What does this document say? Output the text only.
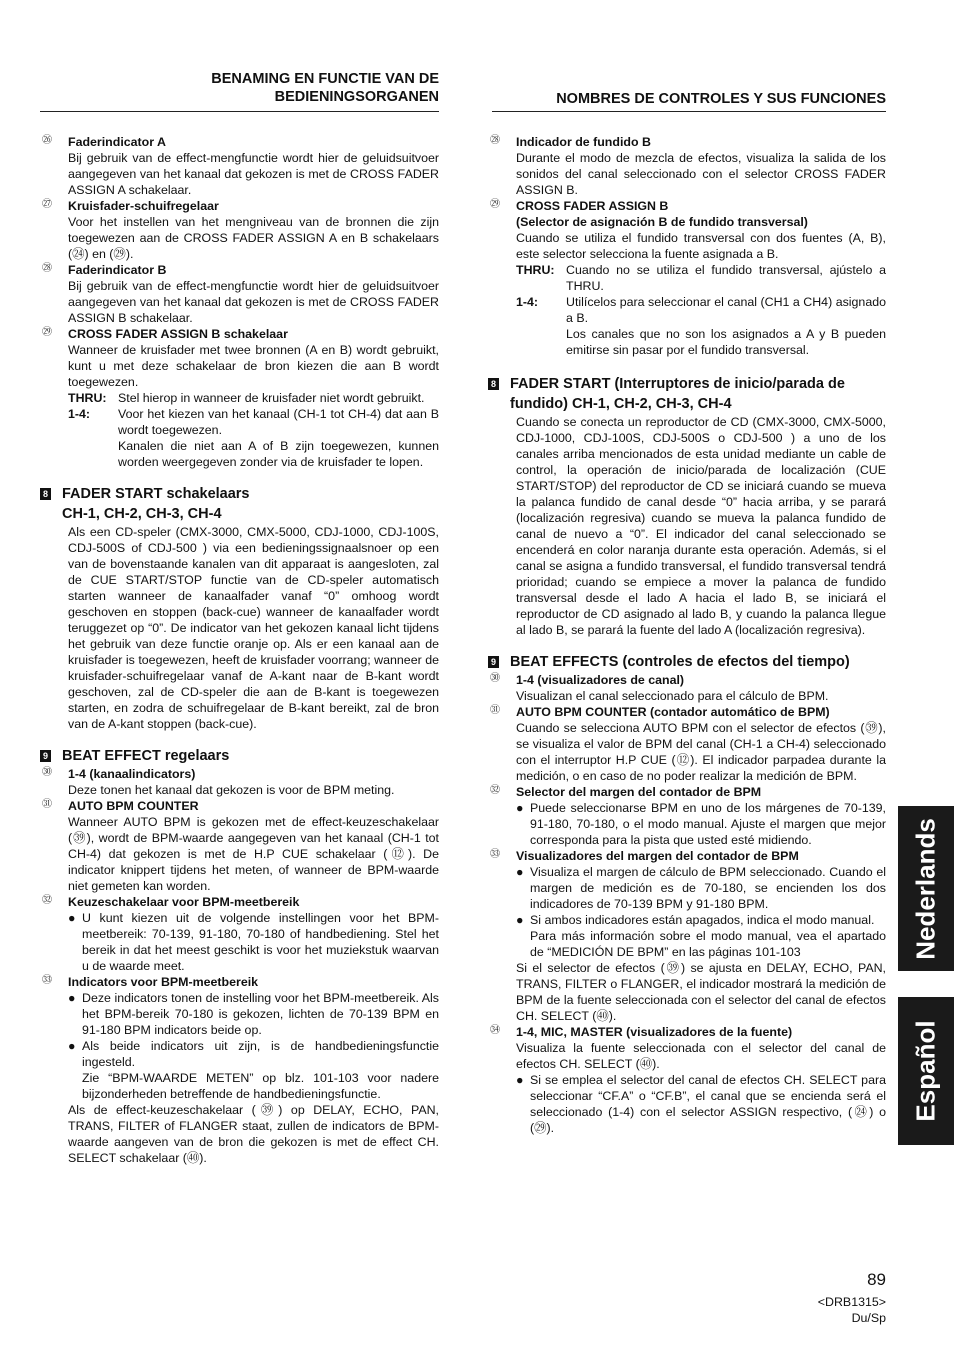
BENAMING EN FUNCTIE VAN DE
BEDIENINGSORGANEN	NOMBRES DE CONTROLES Y SUS FUNCIONES
㉖ Faderindicator A
Bij gebruik van de effect-mengfunctie wordt hier de geluidsuitvoer aangegeven van het kanaal dat gekozen is met de CROSS FADER ASSIGN A schakelaar.
㉗ Kruisfader-schuifregelaar
Voor het instellen van het mengniveau van de bronnen die zijn toegewezen aan de CROSS FADER ASSIGN A en B schakelaars (㉔) en (㉙).
㉘ Faderindicator B
Bij gebruik van de effect-mengfunctie wordt hier de geluidsuitvoer aangegeven van het kanaal dat gekozen is met de CROSS FADER ASSIGN B schakelaar.
㉙ CROSS FADER ASSIGN B schakelaar
Wanneer de kruisfader met twee bronnen (A en B) wordt gebruikt, kunt u met deze schakelaar de bron kiezen die aan B wordt toegewezen.
THRU: Stel hierop in wanneer de kruisfader niet wordt gebruikt.
1-4: Voor het kiezen van het kanaal (CH-1 tot CH-4) dat aan B wordt toegewezen.
Kanalen die niet aan A of B zijn toegewezen, kunnen worden weergegeven zonder via de kruisfader te lopen.
8 FADER START schakelaars
CH-1, CH-2, CH-3, CH-4
Als een CD-speler (CMX-3000, CMX-5000, CDJ-1000, CDJ-100S, CDJ-500S of CDJ-500 ) via een bedieningssignaalsnoer op een van de bovenstaande kanalen van dit apparaat is aangesloten, zal de CUE START/STOP functie van de CD-speler automatisch starten wanneer de kanaalfader vanaf “0” omhoog wordt geschoven en stoppen (back-cue) wanneer de kanaalfader wordt teruggezet op “0”. De indicator van het gekozen kanaal licht tijdens het gebruik van deze functie oranje op. Als er een kanaal aan de kruisfader is toegewezen, heeft de kruisfader voorrang; wanneer de kruisfader-schuifregelaar vanaf de A-kant naar de B-kant wordt geschoven, zal de CD-speler die aan de B-kant is toegewezen starten, en zodra de schuifregelaar de B-kant bereikt, zal de bron van de A-kant stoppen (back-cue).
9 BEAT EFFECT regelaars
㉚ 1-4 (kanaalindicators)
Deze tonen het kanaal dat gekozen is voor de BPM meting.
㉛ AUTO BPM COUNTER
Wanneer AUTO BPM is gekozen met de effect-keuzeschakelaar (㊴), wordt de BPM-waarde aangegeven van het kanaal (CH-1 tot CH-4) dat gekozen is met de H.P CUE schakelaar (⑫). De indicator knippert tijdens het meten, of wanneer de BPM-waarde niet gemeten kan worden.
㉜ Keuzeschakelaar voor BPM-meetbereik
● U kunt kiezen uit de volgende instellingen voor het BPM-meetbereik: 70-139, 91-180, 70-180 of handbediening. Stel het bereik in dat het meest geschikt is voor het muziekstuk waarvan u de waarde meet.
㉝ Indicators voor BPM-meetbereik
● Deze indicators tonen de instelling voor het BPM-meetbereik. Als het BPM-bereik 70-180 is gekozen, lichten de 70-139 BPM en 91-180 BPM indicators beide op.
● Als beide indicators uit zijn, is de handbedieningsfunctie ingesteld.
Zie “BPM-WAARDE METEN” op blz. 101-103 voor nadere bijzonderheden betreffende de handbedieningsfunctie.
Als de effect-keuzeschakelaar (㊴) op DELAY, ECHO, PAN, TRANS, FILTER of FLANGER staat, zullen de indicators de BPM-waarde aangeven van de bron die gekozen is met de effect CH. SELECT schakelaar (㊵).
㉘ Indicador de fundido B
Durante el modo de mezcla de efectos, visualiza la salida de los sonidos del canal seleccionado con el selector CROSS FADER ASSIGN B.
㉙ CROSS FADER ASSIGN B
(Selector de asignación B de fundido transversal)
Cuando se utiliza el fundido transversal con dos fuentes (A, B), este selector selecciona la fuente asignada a B.
THRU: Cuando no se utiliza el fundido transversal, ajústelo a THRU.
1-4: Utilícelos para seleccionar el canal (CH1 a CH4) asignado a B.
Los canales que no son los asignados a A y B pueden emitirse sin pasar por el fundido transversal.
8 FADER START (Interruptores de inicio/parada de
fundido) CH-1, CH-2, CH-3, CH-4
Cuando se conecta un reproductor de CD (CMX-3000, CMX-5000, CDJ-1000, CDJ-100S, CDJ-500S o CDJ-500 ) a uno de los canales arriba mencionados de esta unidad mediante un cable de control, la operación de inicio/parada de localización (CUE START/STOP) del reproductor de CD se iniciará cuando se mueva la palanca fundido de canal desde “0” hacia arriba, y se parará (localización regresiva) cuando se mueva la palanca fundido de canal de nuevo a “0”. El indicador del canal seleccionado se encenderá en color naranja durante esta operación. Además, si el canal se asigna a fundido transversal, el fundido transversal tendrá prioridad; cuando se empiece a mover la palanca de fundido transversal desde el lado A hacia el lado B, se iniciará el reproductor de CD asignado al lado B, y cuando la palanca llegue al lado B, se parará la fuente del lado A (localización regresiva).
9 BEAT EFFECTS (controles de efectos del tiempo)
㉚ 1-4 (visualizadores de canal)
Visualizan el canal seleccionado para el cálculo de BPM.
㉛ AUTO BPM COUNTER (contador automático de BPM)
Cuando se selecciona AUTO BPM con el selector de efectos (㊴), se visualiza el valor de BPM del canal (CH-1 a CH-4) seleccionado con el interruptor H.P CUE (⑫). El indicador parpadea durante la medición, o en caso de no poder realizar la medición de BPM.
㉜ Selector del margen del contador de BPM
● Puede seleccionarse BPM en uno de los márgenes de 70-139, 91-180, 70-180, o el modo manual. Ajuste el margen que mejor corresponda para la pista que usted esté midiendo.
㉝ Visualizadores del margen del contador de BPM
● Visualiza el margen de cálculo de BPM seleccionado. Cuando el margen de medición es de 70-180, se encienden los dos indicadores de 70-139 BPM y 91-180 BPM.
● Si ambos indicadores están apagados, indica el modo manual.
Para más información sobre el modo manual, vea el apartado de “MEDICIÓN DE BPM” en las páginas 101-103
Si el selector de efectos (㊴) se ajusta en DELAY, ECHO, PAN, TRANS, FILTER o FLANGER, el indicador mostrará la medición de BPM de la fuente seleccionada con el selector del canal de efectos CH. SELECT (㊵).
㉞ 1-4, MIC, MASTER (visualizadores de la fuente)
Visualiza la fuente seleccionada con el selector del canal de efectos CH. SELECT (㊵).
● Si se emplea el selector del canal de efectos CH. SELECT para seleccionar “CF.A” o “CF.B”, el canal que se encienda será el seleccionado (1-4) con el selector ASSIGN respectivo, (㉔) o (㉙).
Nederlands
Español
89
<DRB1315>
Du/Sp
